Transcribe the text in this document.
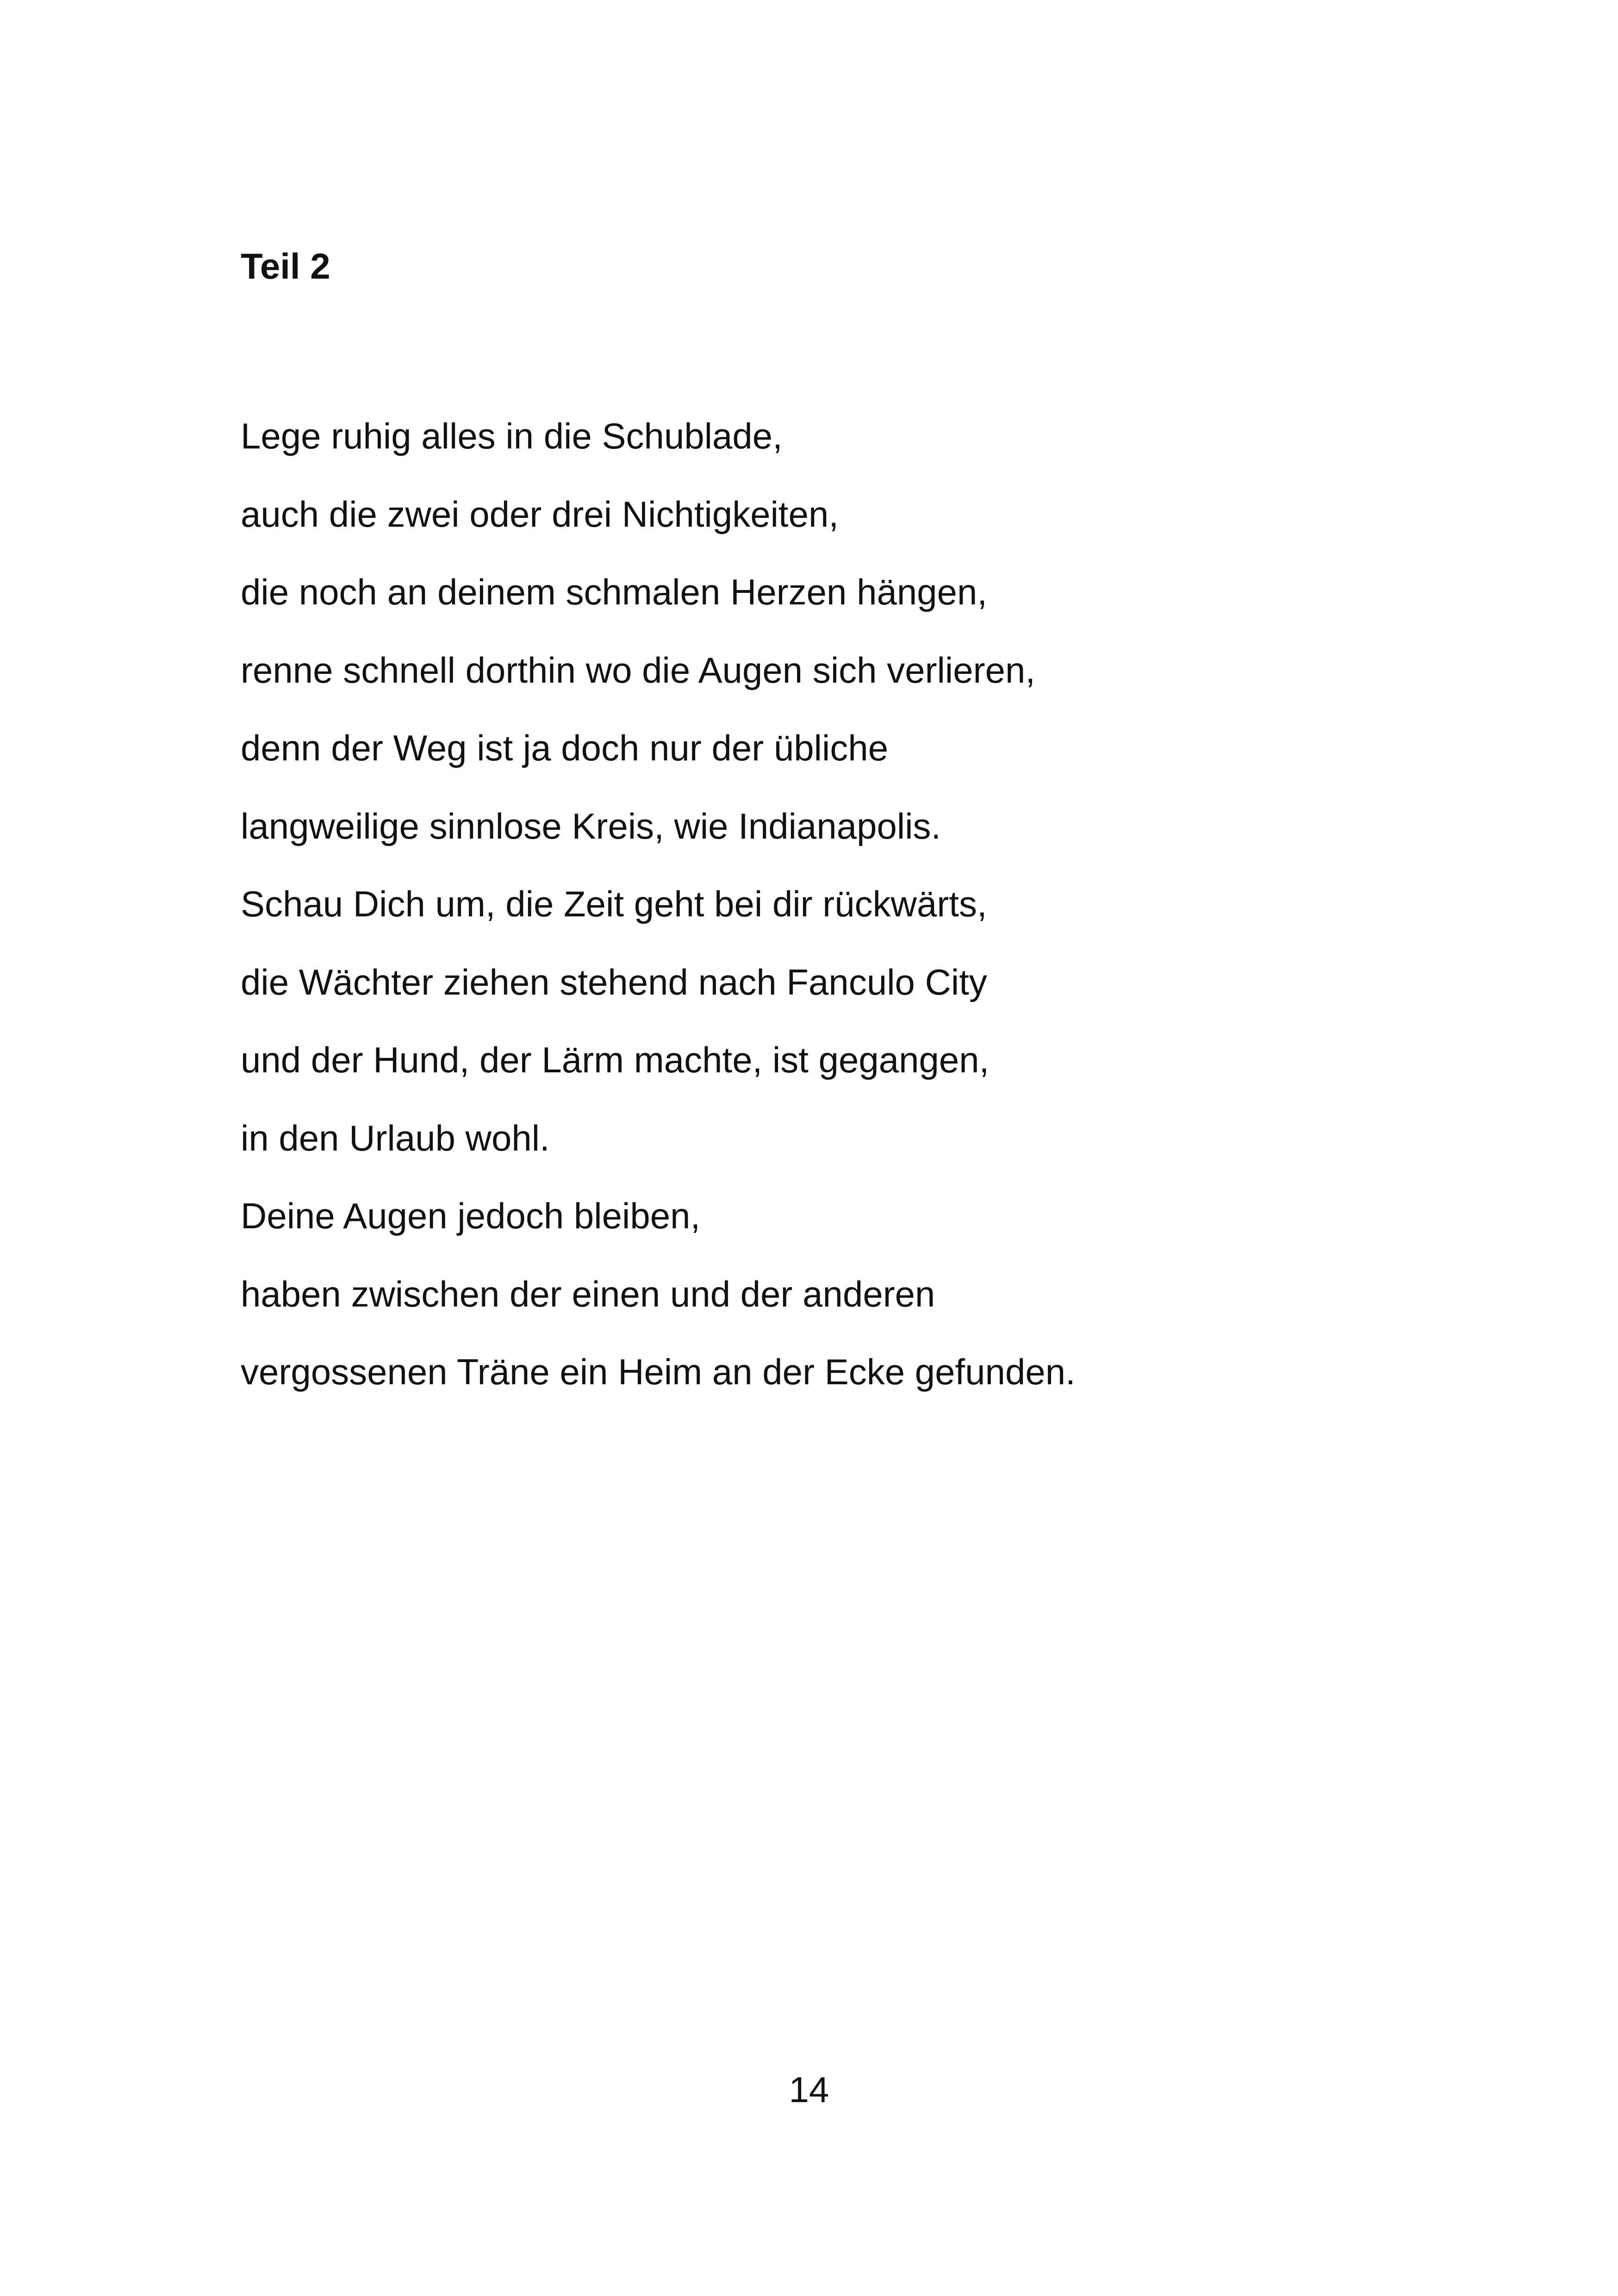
Teil 2
Lege ruhig alles in die Schublade,
auch die zwei oder drei Nichtigkeiten,
die noch an deinem schmalen Herzen hängen,
renne schnell dorthin wo die Augen sich verlieren,
denn der Weg ist ja doch nur der übliche
langweilige sinnlose Kreis, wie Indianapolis.
Schau Dich um, die Zeit geht bei dir rückwärts,
die Wächter ziehen stehend nach Fanculo City
und der Hund, der Lärm machte, ist gegangen,
in den Urlaub wohl.
Deine Augen jedoch bleiben,
haben zwischen der einen und der anderen
vergossenen Träne ein Heim an der Ecke gefunden.
14
